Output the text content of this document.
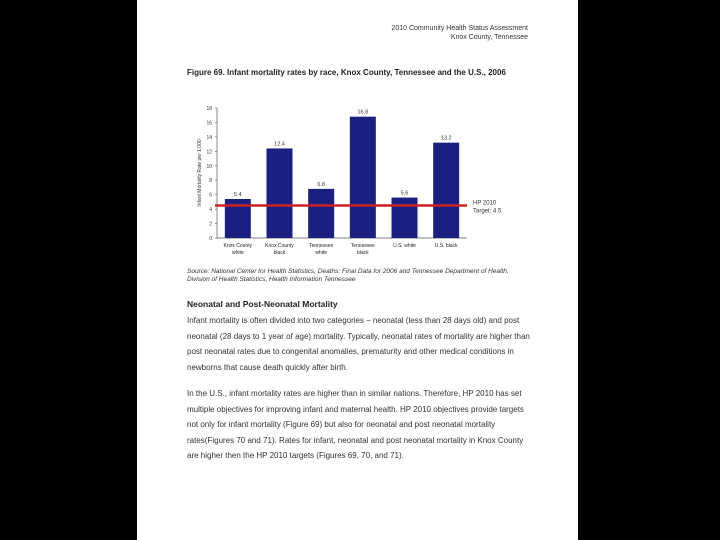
2010 Community Health Status Assessment
Knox County, Tennessee
Figure 69. Infant mortality rates by race, Knox County, Tennessee and the U.S., 2006
Infant Mortality Rate per 1,000
0
2
4
6
8
10
12
14
16
18
5.4
Knox County
white
12.4
Knox County
black
6.8
Tennessee
white
16.8
Tennessee
black
5.6
U.S. white
13.2
U.S. black
HP 2010
Target: 4.5
Source: National Center for Health Statistics, Deaths: Final Data for 2006 and Tennessee Department of Health, Division of Health Statistics, Health Information Tennessee
Neonatal and Post-Neonatal Mortality
Infant mortality is often divided into two categories – neonatal (less than 28 days old) and post neonatal (28 days to 1 year of age) mortality. Typically, neonatal rates of mortality are higher than post neonatal rates due to congenital anomalies, prematurity and other medical conditions in newborns that cause death quickly after birth.
In the U.S., infant mortality rates are higher than in similar nations. Therefore, HP 2010 has set multiple objectives for improving infant and maternal health. HP 2010 objectives provide targets not only for infant mortality (Figure 69) but also for neonatal and post neonatal mortality rates(Figures 70 and 71). Rates for infant, neonatal and post neonatal mortality in Knox County are higher then the HP 2010 targets (Figures 69, 70, and 71).
